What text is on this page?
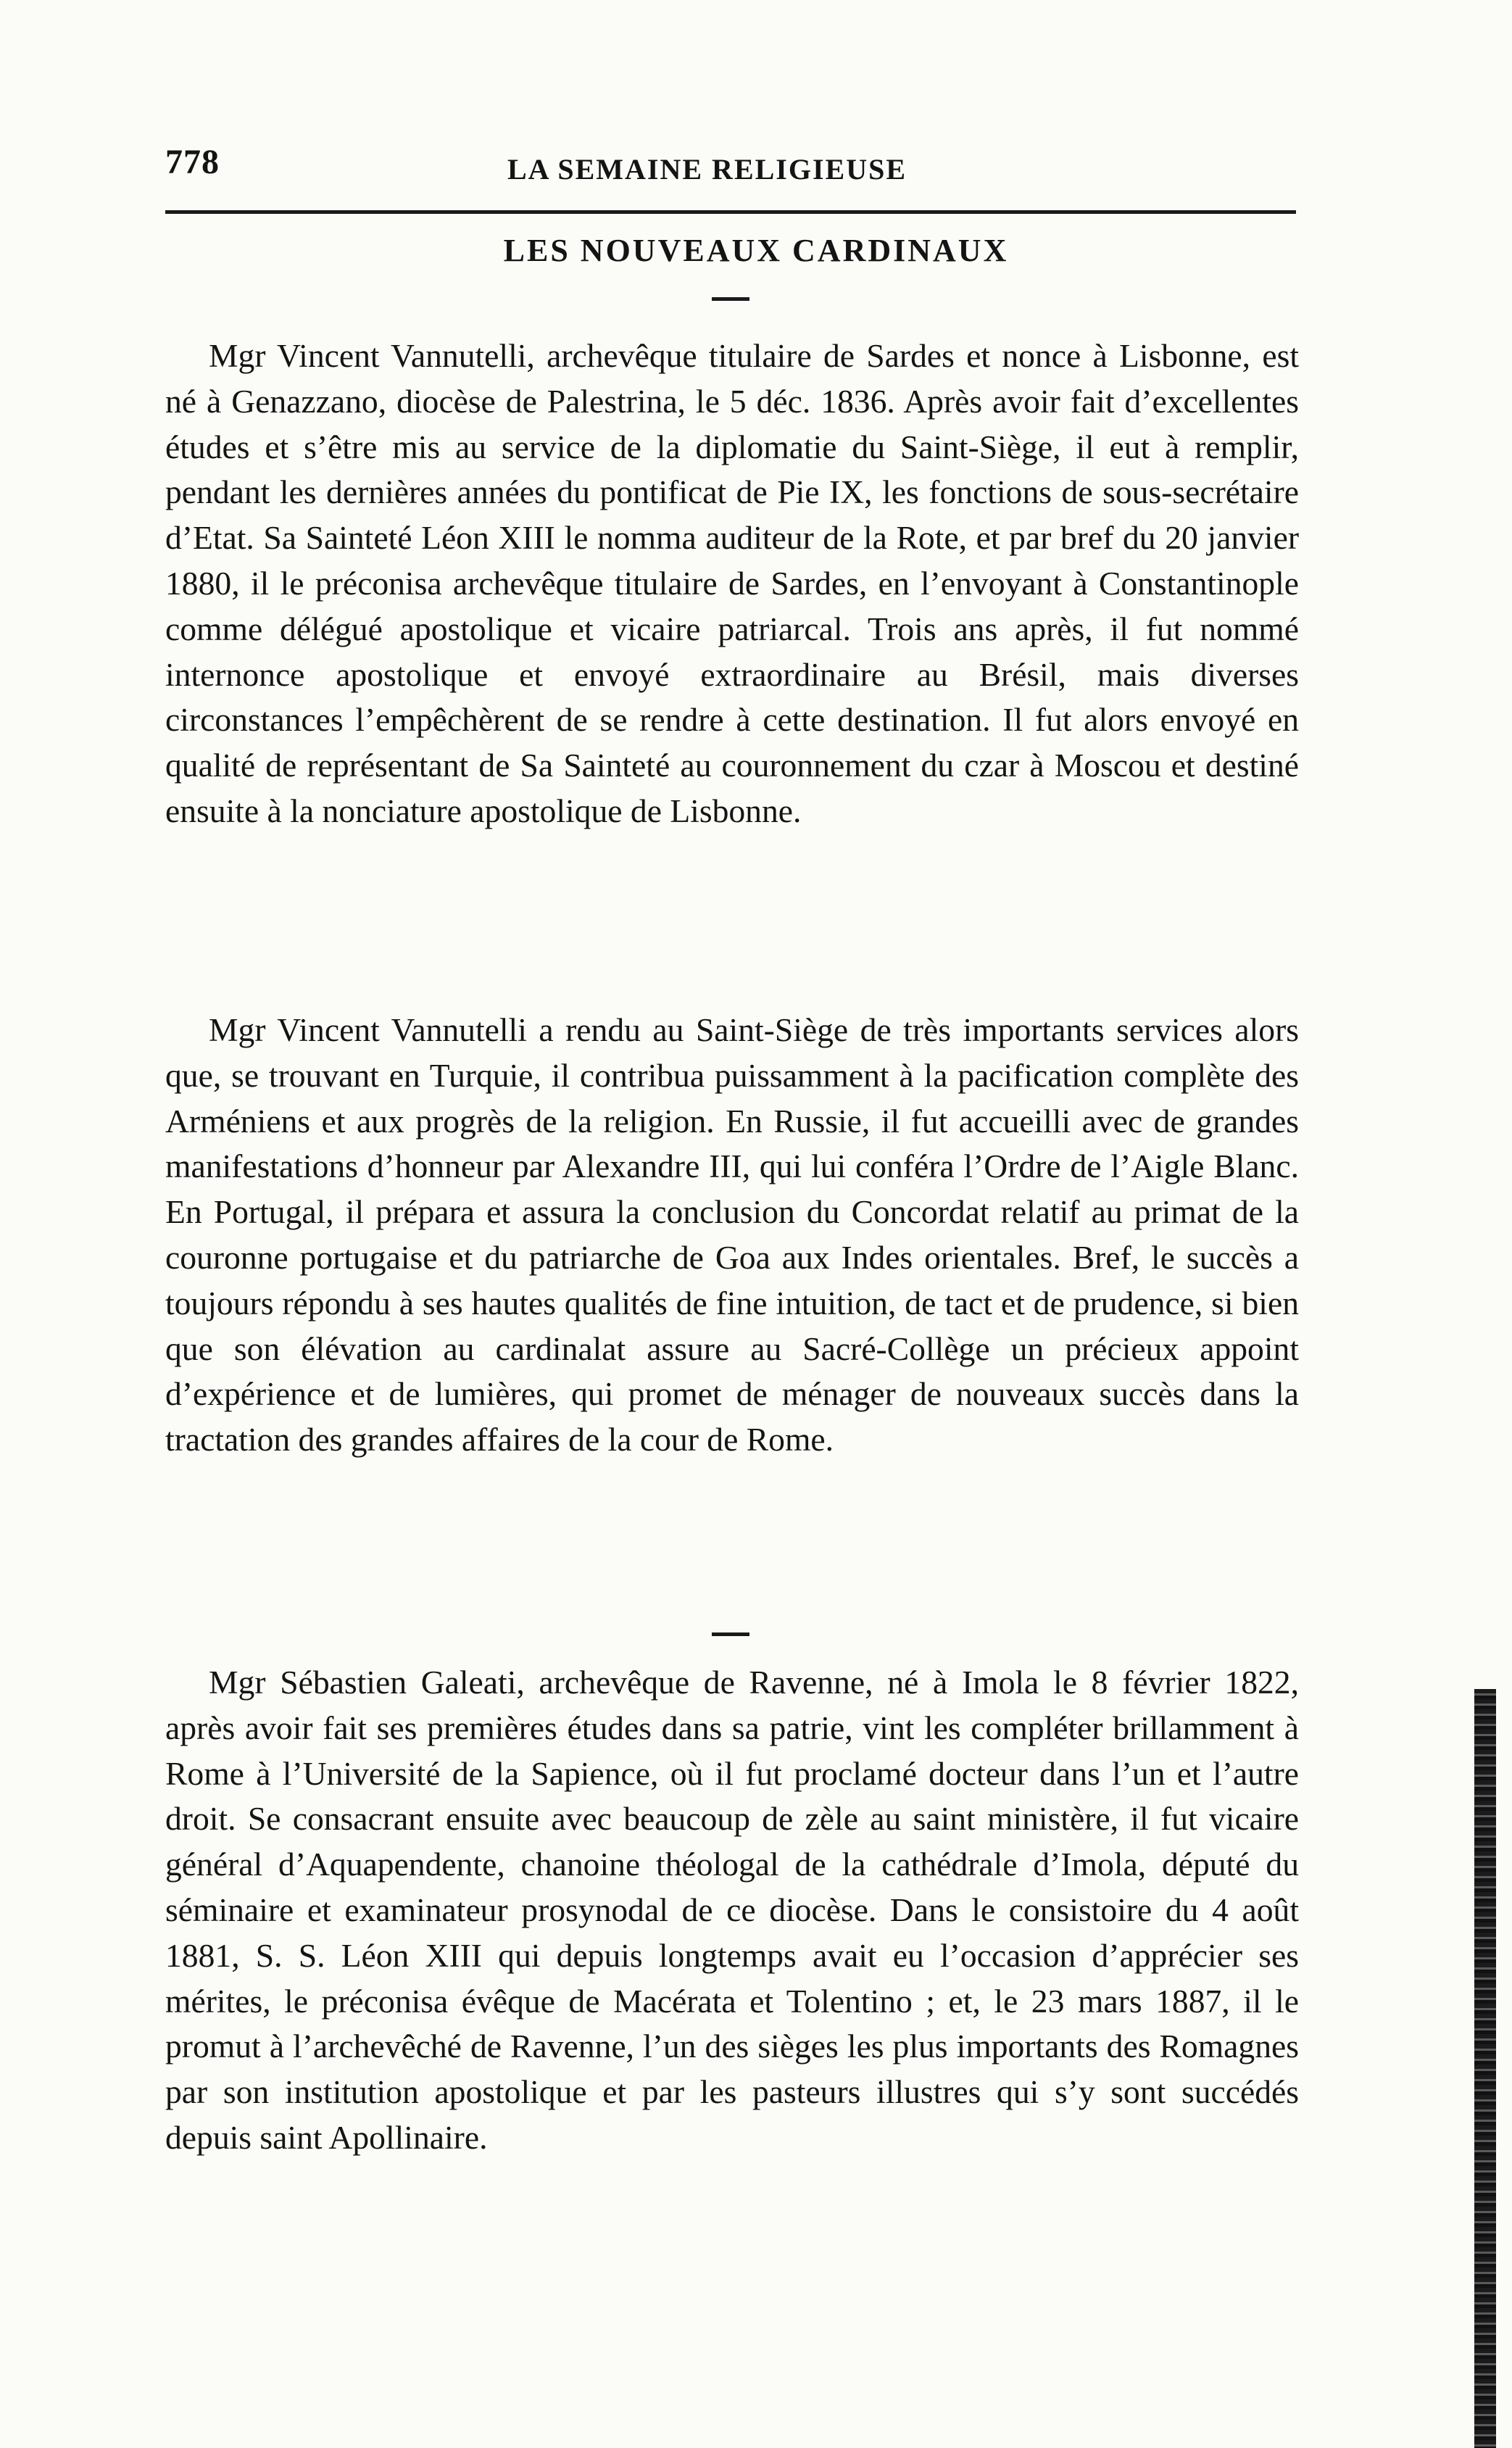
778	LA SEMAINE RELIGIEUSE
LES NOUVEAUX CARDINAUX

Mgr Vincent Vannutelli, archevêque titulaire de Sardes et nonce à Lisbonne, est né à Genazzano, diocèse de Palestrina, le 5 déc. 1836. Après avoir fait d’excellentes études et s’être mis au service de la diplomatie du Saint-Siège, il eut à remplir, pendant les dernières années du pontificat de Pie IX, les fonctions de sous-secrétaire d’Etat. Sa Sainteté Léon XIII le nomma auditeur de la Rote, et par bref du 20 janvier 1880, il le préconisa archevêque titulaire de Sardes, en l’envoyant à Constantinople comme délégué apostolique et vicaire patriarcal. Trois ans après, il fut nommé internonce apostolique et envoyé extraordinaire au Brésil, mais diverses circonstances l’empêchèrent de se rendre à cette destination. Il fut alors envoyé en qualité de représentant de Sa Sainteté au couronnement du czar à Moscou et destiné ensuite à la nonciature apostolique de Lisbonne.

Mgr Vincent Vannutelli a rendu au Saint-Siège de très importants services alors que, se trouvant en Turquie, il contribua puissamment à la pacification complète des Arméniens et aux progrès de la religion. En Russie, il fut accueilli avec de grandes manifestations d’honneur par Alexandre III, qui lui conféra l’Ordre de l’Aigle Blanc. En Portugal, il prépara et assura la conclusion du Concordat relatif au primat de la couronne portugaise et du patriarche de Goa aux Indes orientales. Bref, le succès a toujours répondu à ses hautes qualités de fine intuition, de tact et de prudence, si bien que son élévation au cardinalat assure au Sacré-Collège un précieux appoint d’expérience et de lumières, qui promet de ménager de nouveaux succès dans la tractation des grandes affaires de la cour de Rome.

Mgr Sébastien Galeati, archevêque de Ravenne, né à Imola le 8 février 1822, après avoir fait ses premières études dans sa patrie, vint les compléter brillamment à Rome à l’Université de la Sapience, où il fut proclamé docteur dans l’un et l’autre droit. Se consacrant ensuite avec beaucoup de zèle au saint ministère, il fut vicaire général d’Aquapendente, chanoine théologal de la cathédrale d’Imola, député du séminaire et examinateur prosynodal de ce diocèse. Dans le consistoire du 4 août 1881, S. S. Léon XIII qui depuis longtemps avait eu l’occasion d’apprécier ses mérites, le préconisa évêque de Macérata et Tolentino ; et, le 23 mars 1887, il le promut à l’archevêché de Ravenne, l’un des sièges les plus importants des Romagnes par son institution apostolique et par les pasteurs illustres qui s’y sont succédés depuis saint Apollinaire.
